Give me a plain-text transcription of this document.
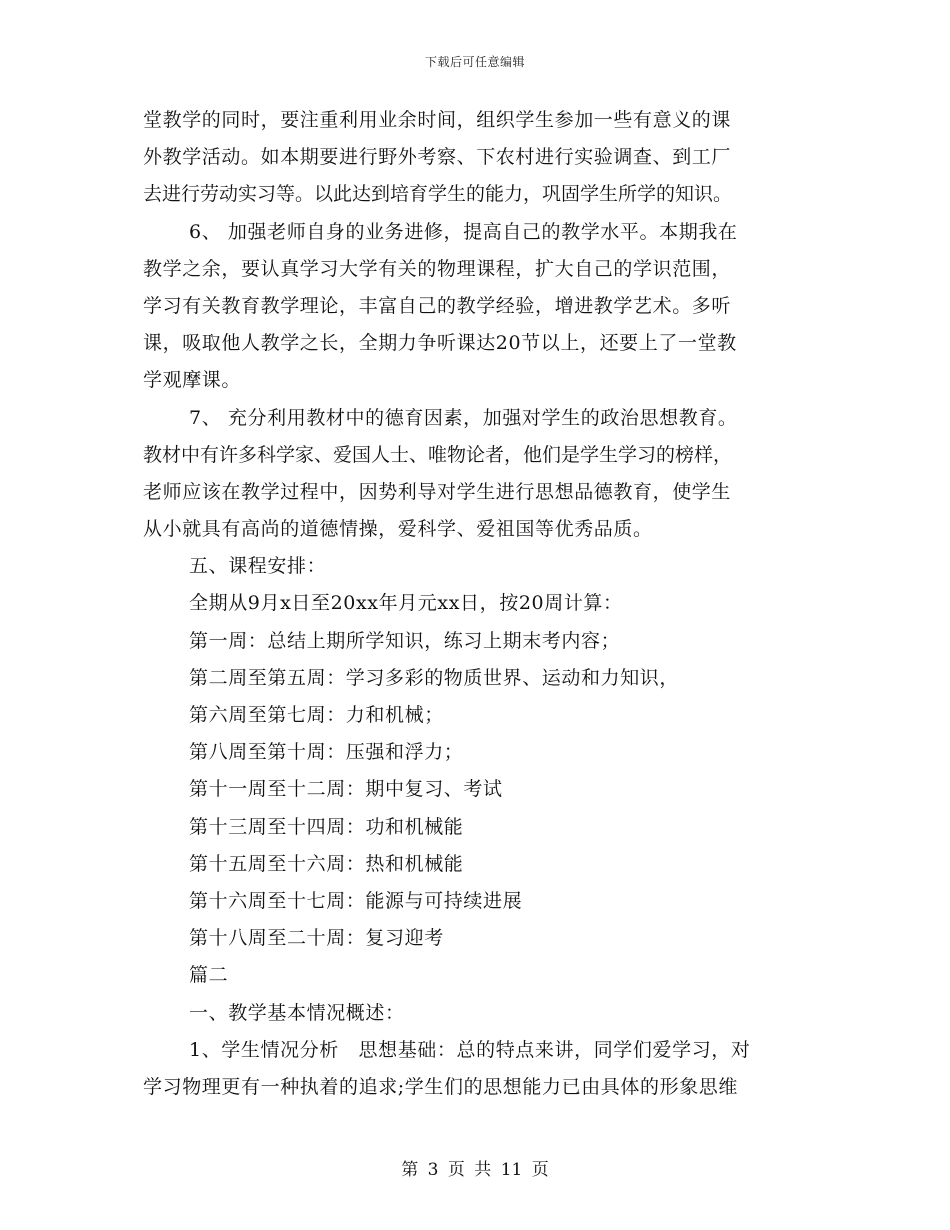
下载后可任意编辑
堂教学的同时，要注重利用业余时间，组织学生参加一些有意义的课
外教学活动。如本期要进行野外考察、下农村进行实验调查、到工厂
去进行劳动实习等。以此达到培育学生的能力，巩固学生所学的知识。
6、 加强老师自身的业务进修，提高自己的教学水平。本期我在
教学之余，要认真学习大学有关的物理课程，扩大自己的学识范围，
学习有关教育教学理论，丰富自己的教学经验，增进教学艺术。多听
课，吸取他人教学之长，全期力争听课达20节以上，还要上了一堂教
学观摩课。
7、 充分利用教材中的德育因素，加强对学生的政治思想教育。
教材中有许多科学家、爱国人士、唯物论者，他们是学生学习的榜样，
老师应该在教学过程中，因势利导对学生进行思想品德教育，使学生
从小就具有高尚的道德情操，爱科学、爱祖国等优秀品质。
五、课程安排：
全期从9月x日至20xx年月元xx日，按20周计算：
第一周：总结上期所学知识，练习上期末考内容；
第二周至第五周：学习多彩的物质世界、运动和力知识，
第六周至第七周：力和机械；
第八周至第十周：压强和浮力；
第十一周至十二周：期中复习、考试
第十三周至十四周：功和机械能
第十五周至十六周：热和机械能
第十六周至十七周：能源与可持续进展
第十八周至二十周：复习迎考
篇二
一、教学基本情况概述：
1、学生情况分析　思想基础：总的特点来讲，同学们爱学习，对
学习物理更有一种执着的追求;学生们的思想能力已由具体的形象思维
第 3 页 共 11 页
